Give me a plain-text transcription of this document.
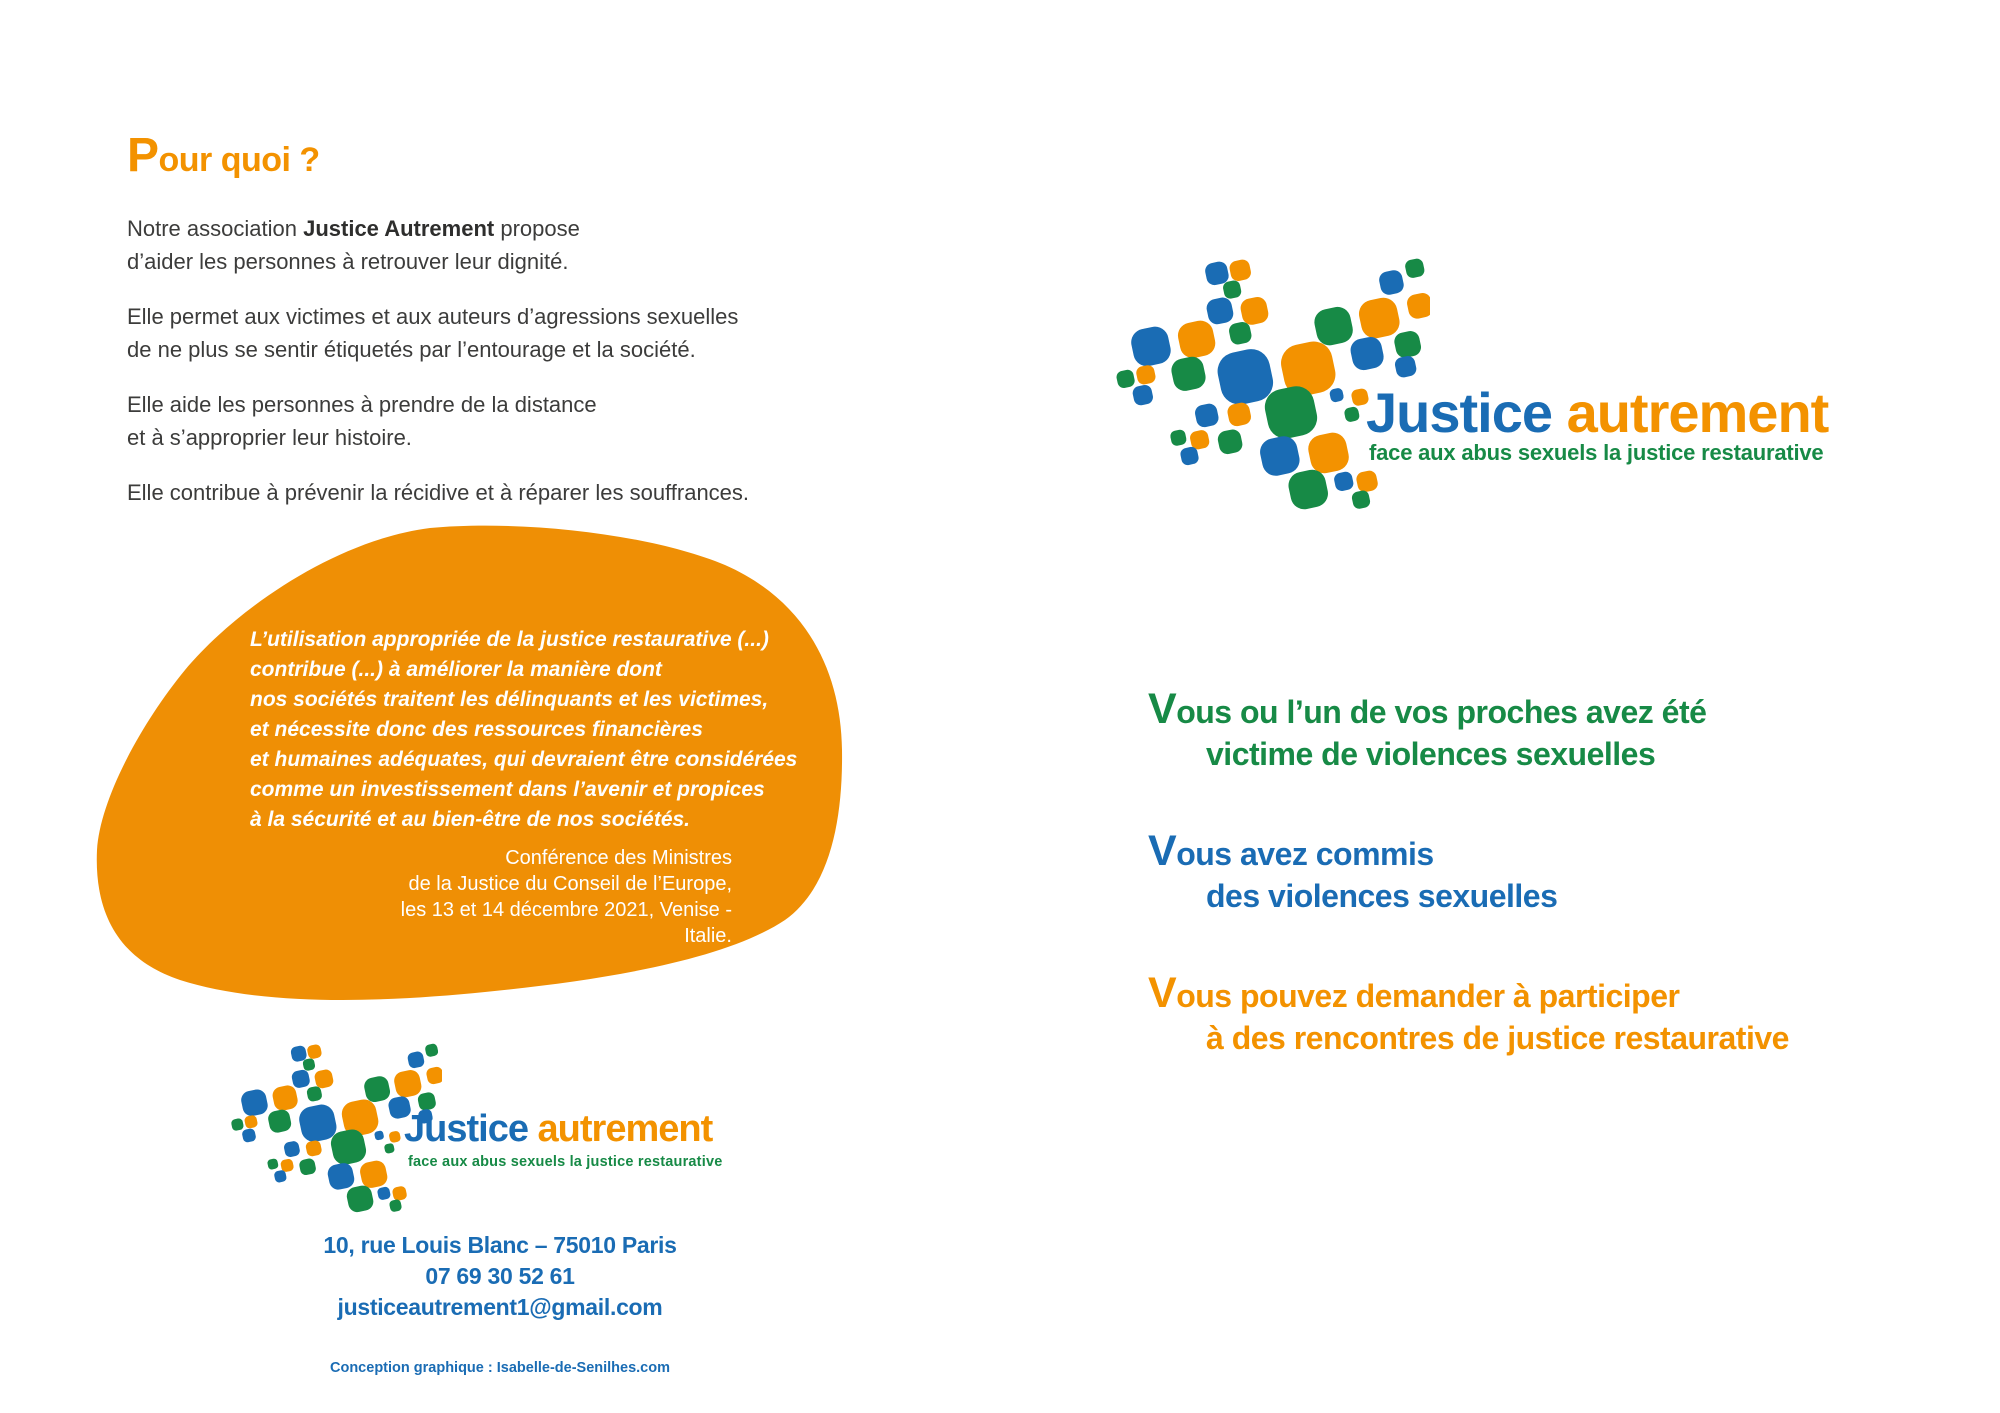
Pour quoi ?

Notre association Justice Autrement propose
d’aider les personnes à retrouver leur dignité.

Elle permet aux victimes et aux auteurs d’agressions sexuelles
de ne plus se sentir étiquetés par l’entourage et la société.

Elle aide les personnes à prendre de la distance
et à s’approprier leur histoire.

Elle contribue à prévenir la récidive et à réparer les souffrances.

L’utilisation appropriée de la justice restaurative (...)
contribue (...) à améliorer la manière dont
nos sociétés traitent les délinquants et les victimes,
et nécessite donc des ressources financières
et humaines adéquates, qui devraient être considérées
comme un investissement dans l’avenir et propices
à la sécurité et au bien-être de nos sociétés.
Conférence des Ministres
de la Justice du Conseil de l’Europe,
les 13 et 14 décembre 2021, Venise - Italie.
Justice autrement
face aux abus sexuels la justice restaurative
10, rue Louis Blanc – 75010 Paris
07 69 30 52 61
justiceautrement1@gmail.com
Conception graphique : Isabelle-de-Senilhes.com
Justice autrement
face aux abus sexuels la justice restaurative
Vous ou l’un de vos proches avez été
victime de violences sexuelles
Vous avez commis
des violences sexuelles
Vous pouvez demander à participer
à des rencontres de justice restaurative
